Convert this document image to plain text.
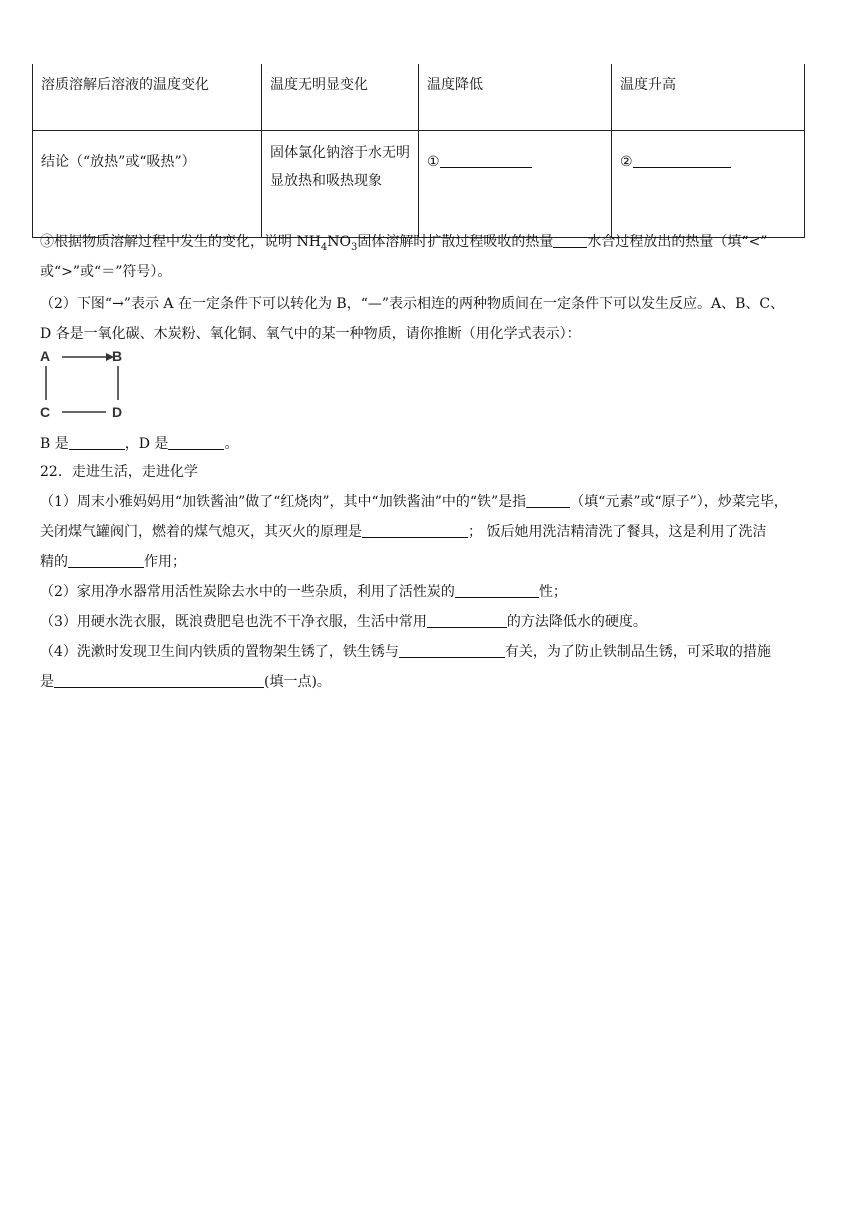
溶质溶解后溶液的温度变化	温度无明显变化	温度降低	温度升高
结论（“放热”或“吸热”）	固体氯化钠溶于水无明显放热和吸热现象	①	②
③根据物质溶解过程中发生的变化，说明 $NH_4NO_3$固体溶解时扩散过程吸收的热量 水合过程放出的热量（填“<”
或“>”或“＝”符号）。
（2）下图“→”表示 A 在一定条件下可以转化为 B，“—”表示相连的两种物质间在一定条件下可以发生反应。A、B、C、
D 各是一氧化碳、木炭粉、氧化铜、氧气中的某一种物质，请你推断（用化学式表示）：
A	B
C	D
B 是	，D 是	。
22．走进生活，走进化学
（1）周末小雅妈妈用“加铁酱油”做了“红烧肉”，其中“加铁酱油”中的“铁”是指	（填“元素”或“原子”），炒菜完毕，
关闭煤气罐阀门，燃着的煤气熄灭，其灭火的原理是	； 饭后她用洗洁精清洗了餐具，这是利用了洗洁
精的	作用；
（2）家用净水器常用活性炭除去水中的一些杂质，利用了活性炭的	性；
（3）用硬水洗衣服，既浪费肥皂也洗不干净衣服，生活中常用	的方法降低水的硬度。
（4）洗漱时发现卫生间内铁质的置物架生锈了，铁生锈与	有关，为了防止铁制品生锈，可采取的措施
是	(填一点)。
